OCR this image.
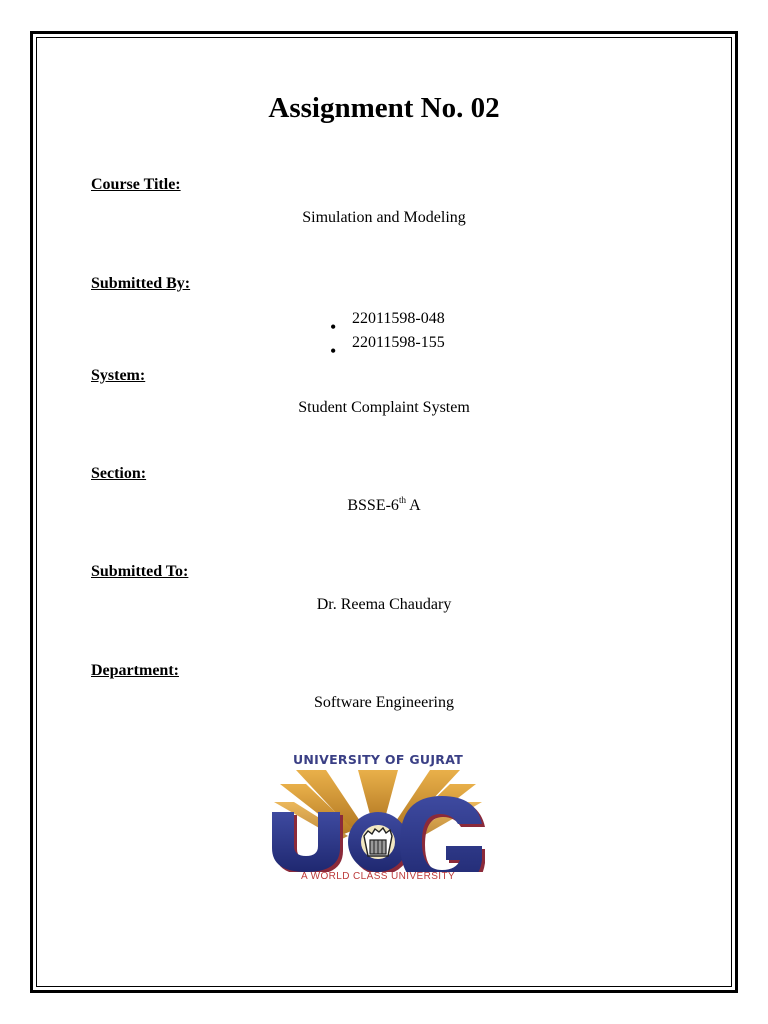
Assignment No. 02
Course Title:
Simulation and Modeling
Submitted By:
• 22011598-048
• 22011598-155
System:
Student Complaint System
Section:
BSSE-6th A
Submitted To:
Dr. Reema Chaudary
Department:
Software Engineering
UNIVERSITY OF GUJRAT
A WORLD CLASS UNIVERSITY
